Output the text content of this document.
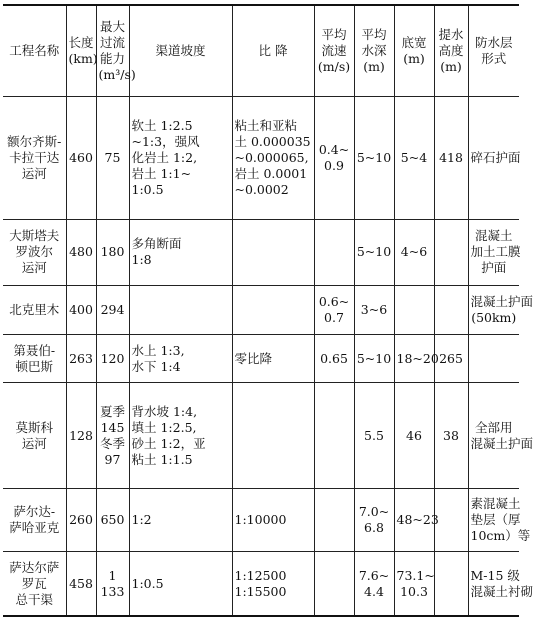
工程名称	长度
(km)	最大
过流
能力
(m³/s)	渠道坡度	比 降	平均
流速
(m/s)	平均
水深
(m)	底宽
(m)	提水
高度
(m)	防水层
形式

额尔齐斯-
卡拉干达
运河	460	75	软土 1:2.5
~1:3，强风
化岩土 1:2,
岩土 1:1~
1:0.5	粘土和亚粘
土 0.000035
~0.000065,
岩土 0.0001
~0.0002	0.4~
0.9	5~10	5~4	418	碎石护面

大斯塔夫
罗波尔
运河	480	180	多角断面
1:8			5~10	4~6		混凝土
加土工膜
护面

北克里木	400	294			0.6~
0.7	3~6			混凝土护面
(50km)

第聂伯-
顿巴斯	263	120	水上 1:3,
水下 1:4	零比降	0.65	5~10	18~20	265	

莫斯科
运河	128	夏季
145
冬季
97	背水坡 1:4,
填土 1:2.5,
砂土 1:2，亚
粘土 1:1.5			5.5	46	38	全部用
混凝土护面

萨尔达-
萨哈亚克	260	650	1:2	1:10000		7.0~
6.8	48~23		素混凝土
垫层（厚
10cm）等

萨达尔萨
罗瓦
总干渠	458	1
133	1:0.5	1:12500
1:15500		7.6~
4.4	73.1~
10.3		M-15 级
混凝土衬砌
